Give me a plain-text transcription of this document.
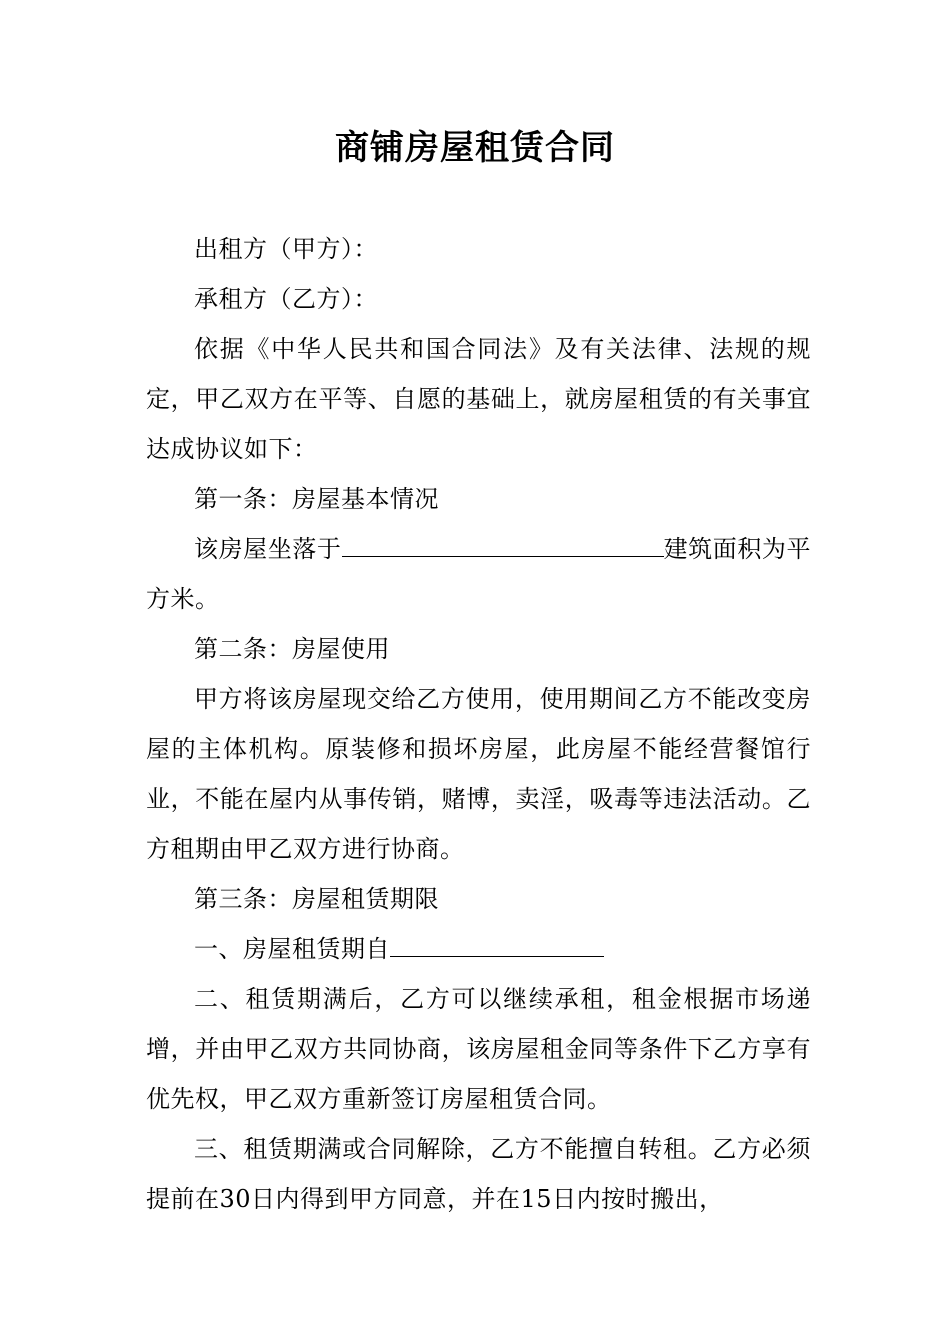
商铺房屋租赁合同

出租方（甲方）：

承租方（乙方）：

依据《中华人民共和国合同法》及有关法律、法规的规定，甲乙双方在平等、自愿的基础上，就房屋租赁的有关事宜达成协议如下：

第一条：房屋基本情况

该房屋坐落于	建筑面积为平方米。

第二条：房屋使用

甲方将该房屋现交给乙方使用，使用期间乙方不能改变房屋的主体机构。原装修和损坏房屋，此房屋不能经营餐馆行业，不能在屋内从事传销，赌博，卖淫，吸毒等违法活动。乙方租期由甲乙双方进行协商。

第三条：房屋租赁期限

一、房屋租赁期自

二、租赁期满后，乙方可以继续承租，租金根据市场递增，并由甲乙双方共同协商，该房屋租金同等条件下乙方享有优先权，甲乙双方重新签订房屋租赁合同。

三、租赁期满或合同解除，乙方不能擅自转租。乙方必须提前在30日内得到甲方同意，并在15日内按时搬出，
